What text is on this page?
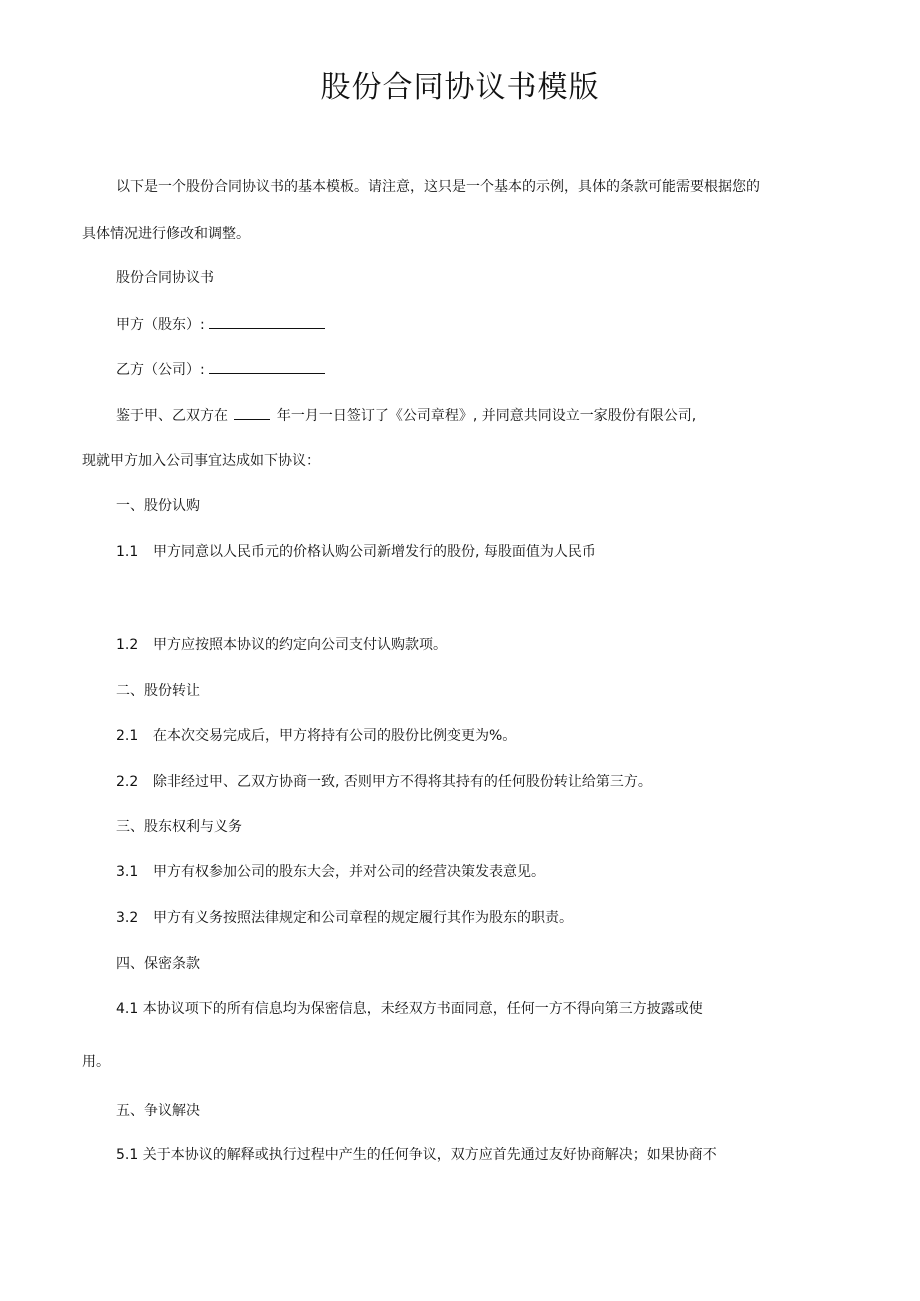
股份合同协议书模版

以下是一个股份合同协议书的基本模板。请注意，这只是一个基本的示例，具体的条款可能需要根据您的

具体情况进行修改和调整。

股份合同协议书

甲方（股东）:

乙方（公司）:

鉴于甲、乙双方在	年一月一日签订了《公司章程》, 并同意共同设立一家股份有限公司,

现就甲方加入公司事宜达成如下协议：

一、股份认购

1.1 甲方同意以人民币元的价格认购公司新增发行的股份, 每股面值为人民币

1.2 甲方应按照本协议的约定向公司支付认购款项。

二、股份转让

2.1 在本次交易完成后，甲方将持有公司的股份比例变更为%。

2.2 除非经过甲、乙双方协商一致, 否则甲方不得将其持有的任何股份转让给第三方。

三、股东权利与义务

3.1 甲方有权参加公司的股东大会，并对公司的经营决策发表意见。

3.2 甲方有义务按照法律规定和公司章程的规定履行其作为股东的职责。

四、保密条款

4.1 本协议项下的所有信息均为保密信息，未经双方书面同意，任何一方不得向第三方披露或使

用。

五、争议解决

5.1 关于本协议的解释或执行过程中产生的任何争议，双方应首先通过友好协商解决；如果协商不
